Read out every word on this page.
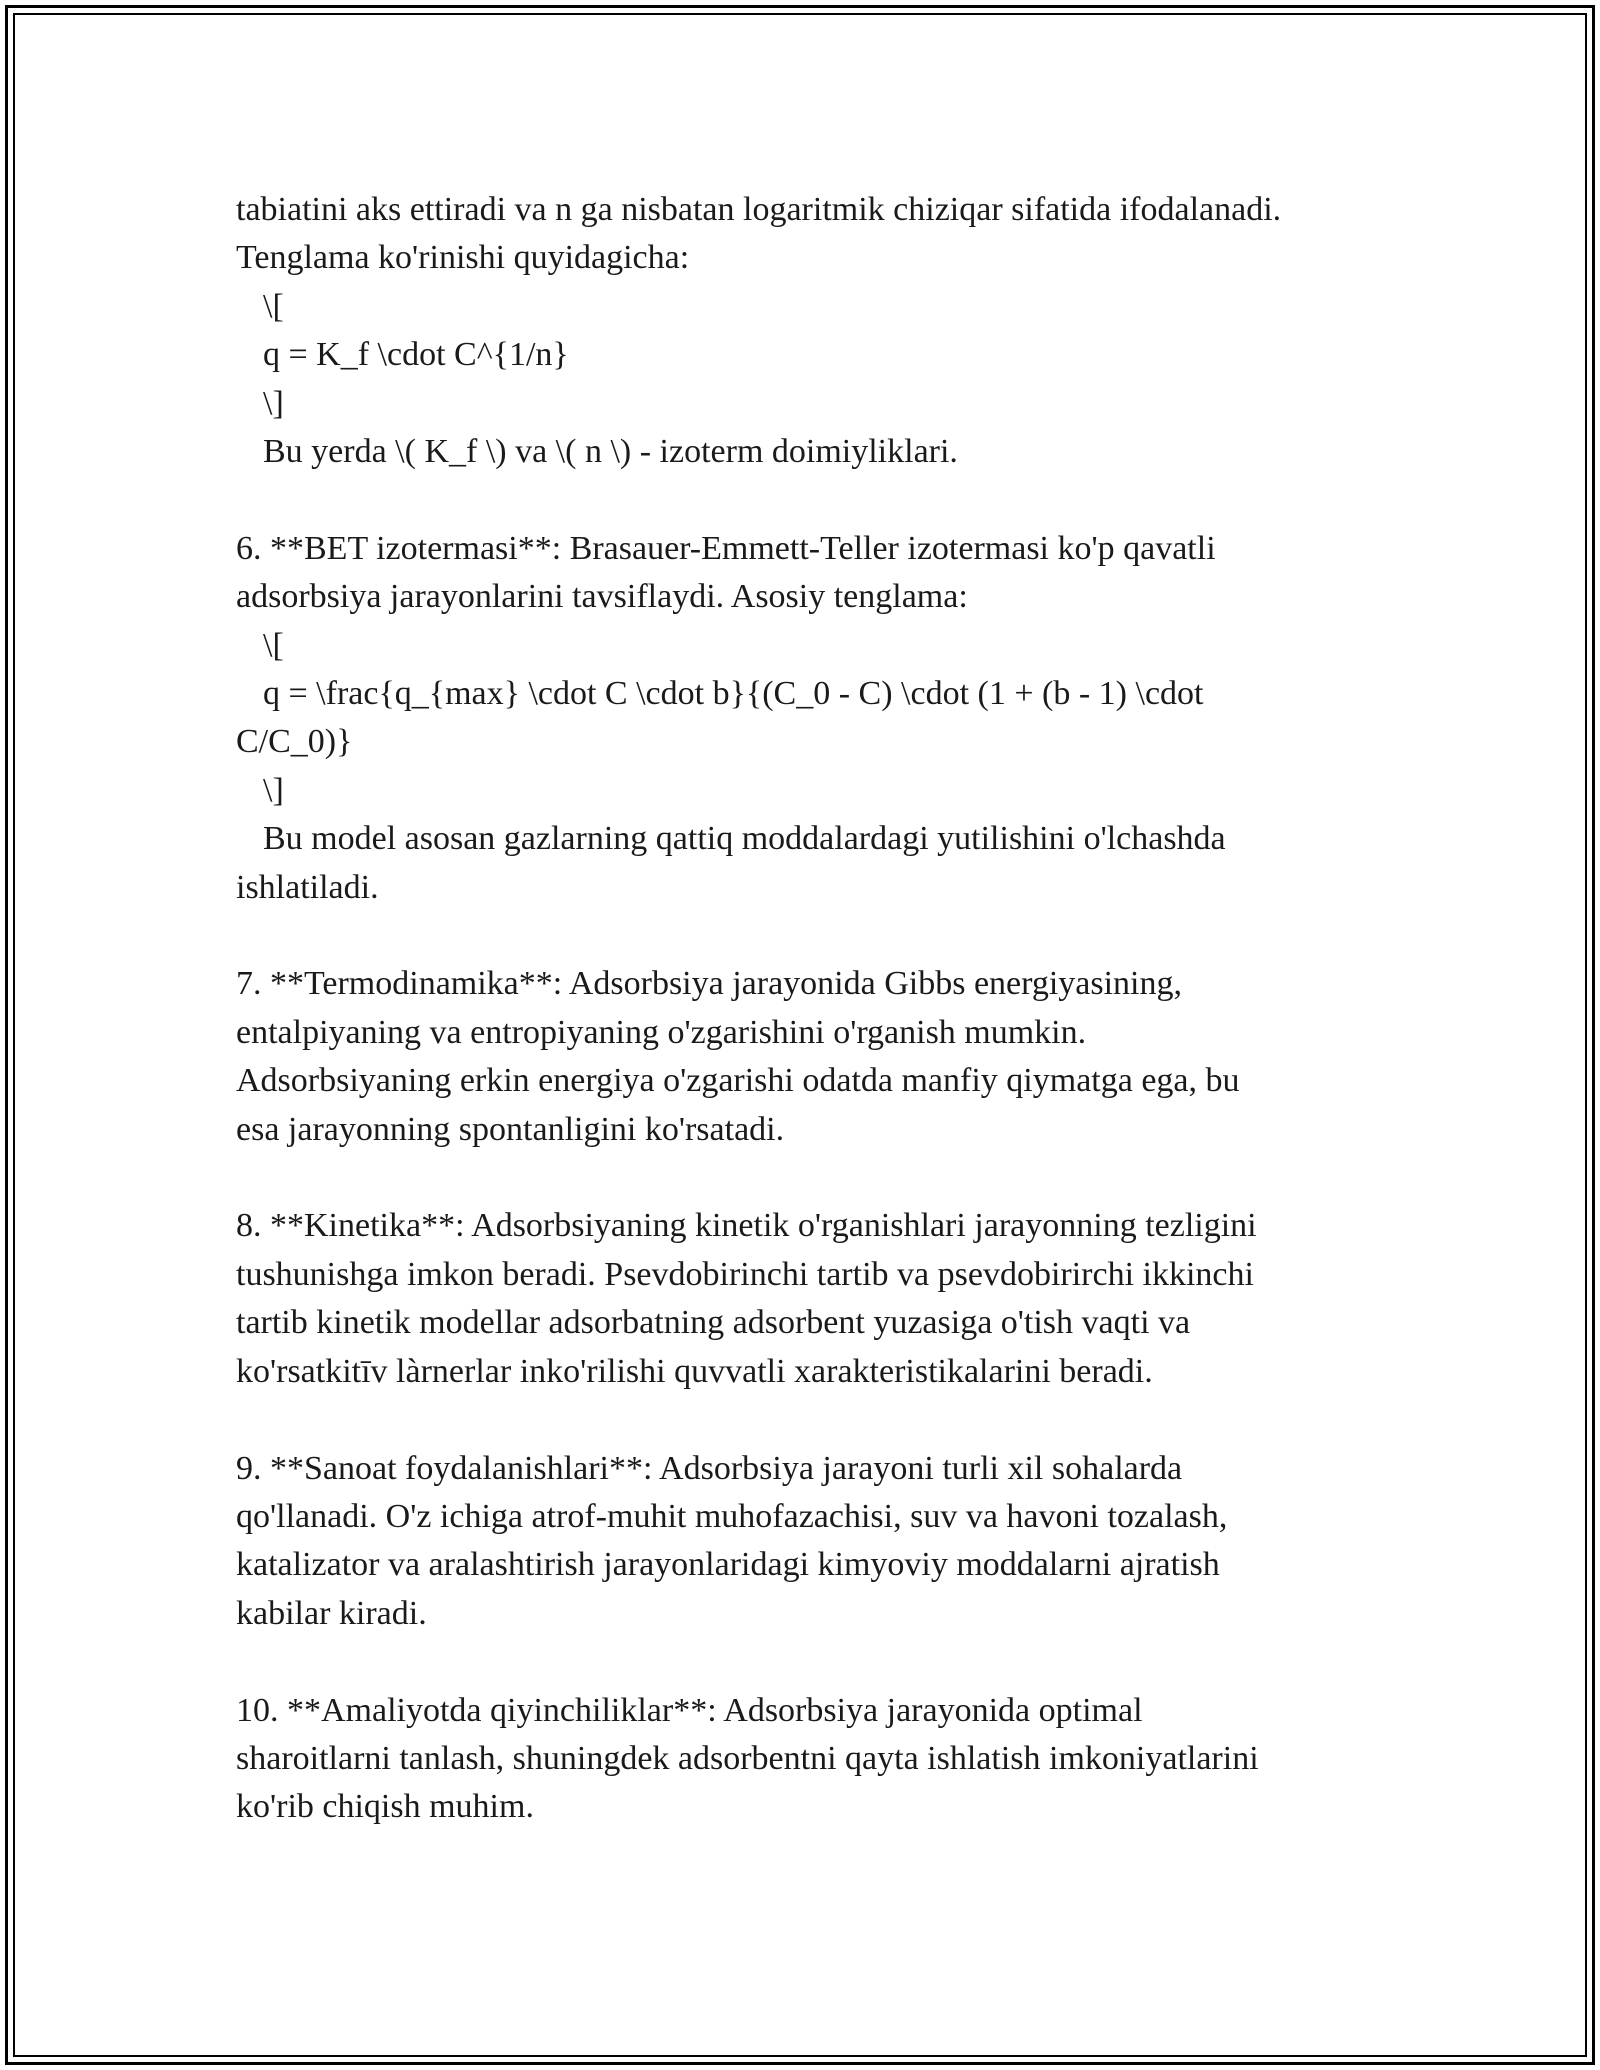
tabiatini aks ettiradi va n ga nisbatan logaritmik chiziqar sifatida ifodalanadi.
Tenglama ko'rinishi quyidagicha:
\[
q = K_f \cdot C^{1/n}
\]
Bu yerda \( K_f \) va \( n \) - izoterm doimiyliklari.
6. **BET izotermasi**: Brasauer-Emmett-Teller izotermasi ko'p qavatli
adsorbsiya jarayonlarini tavsiflaydi. Asosiy tenglama:
\[
q = \frac{q_{max} \cdot C \cdot b}{(C_0 - C) \cdot (1 + (b - 1) \cdot
C/C_0)}
\]
Bu model asosan gazlarning qattiq moddalardagi yutilishini o'lchashda
ishlatiladi.
7. **Termodinamika**: Adsorbsiya jarayonida Gibbs energiyasining,
entalpiyaning va entropiyaning o'zgarishini o'rganish mumkin.
Adsorbsiyaning erkin energiya o'zgarishi odatda manfiy qiymatga ega, bu
esa jarayonning spontanligini ko'rsatadi.
8. **Kinetika**: Adsorbsiyaning kinetik o'rganishlari jarayonning tezligini
tushunishga imkon beradi. Psevdobirinchi tartib va psevdobirirchi ikkinchi
tartib kinetik modellar adsorbatning adsorbent yuzasiga o'tish vaqti va
ko'rsatkitīv làrnerlar inko'rilishi quvvatli xarakteristikalarini beradi.
9. **Sanoat foydalanishlari**: Adsorbsiya jarayoni turli xil sohalarda
qo'llanadi. O'z ichiga atrof-muhit muhofazachisi, suv va havoni tozalash,
katalizator va aralashtirish jarayonlaridagi kimyoviy moddalarni ajratish
kabilar kiradi.
10. **Amaliyotda qiyinchiliklar**: Adsorbsiya jarayonida optimal
sharoitlarni tanlash, shuningdek adsorbentni qayta ishlatish imkoniyatlarini
ko'rib chiqish muhim.
